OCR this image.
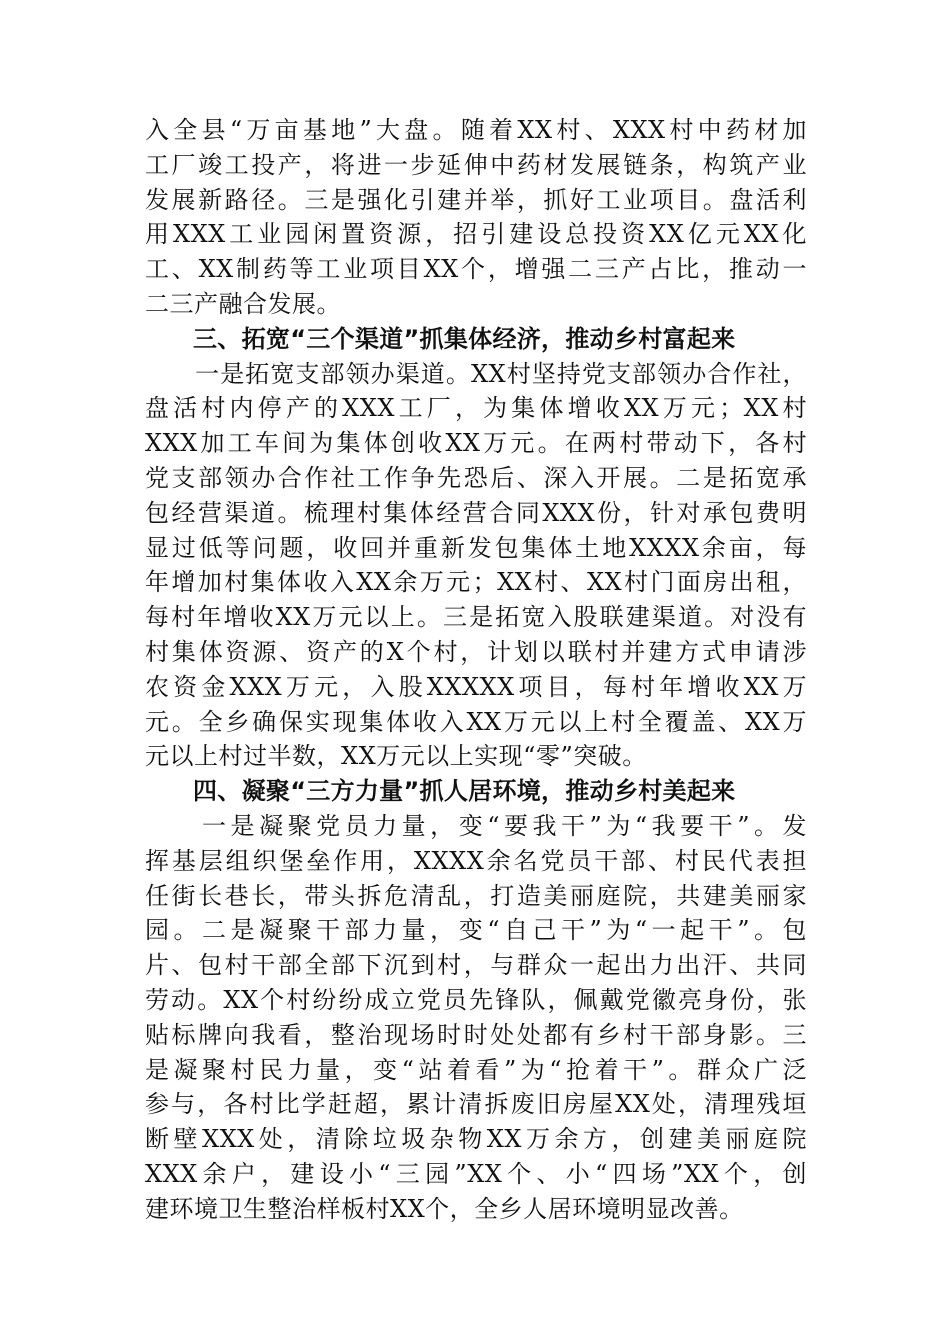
入全县“万亩基地”大盘。随着XX村、XXX村中药材加
工厂竣工投产，将进一步延伸中药材发展链条，构筑产业
发展新路径。三是强化引建并举，抓好工业项目。盘活利
用XXX工业园闲置资源，招引建设总投资XX亿元XX化
工、XX制药等工业项目XX个，增强二三产占比，推动一
二三产融合发展。
三、拓宽“三个渠道”抓集体经济，推动乡村富起来
　　一是拓宽支部领办渠道。XX村坚持党支部领办合作社，
盘活村内停产的XXX工厂，为集体增收XX万元；XX村
XXX加工车间为集体创收XX万元。在两村带动下，各村
党支部领办合作社工作争先恐后、深入开展。二是拓宽承
包经营渠道。梳理村集体经营合同XXX份，针对承包费明
显过低等问题，收回并重新发包集体土地XXXX余亩，每
年增加村集体收入XX余万元；XX村、XX村门面房出租，
每村年增收XX万元以上。三是拓宽入股联建渠道。对没有
村集体资源、资产的X个村，计划以联村并建方式申请涉
农资金XXX万元，入股XXXXX项目，每村年增收XX万
元。全乡确保实现集体收入XX万元以上村全覆盖、XX万
元以上村过半数，XX万元以上实现“零”突破。
四、凝聚“三方力量”抓人居环境，推动乡村美起来
　　一是凝聚党员力量，变“要我干”为“我要干”。发
挥基层组织堡垒作用，XXXX余名党员干部、村民代表担
任街长巷长，带头拆危清乱，打造美丽庭院，共建美丽家
园。二是凝聚干部力量，变“自己干”为“一起干”。包
片、包村干部全部下沉到村，与群众一起出力出汗、共同
劳动。XX个村纷纷成立党员先锋队，佩戴党徽亮身份，张
贴标牌向我看，整治现场时时处处都有乡村干部身影。三
是凝聚村民力量，变“站着看”为“抢着干”。群众广泛
参与，各村比学赶超，累计清拆废旧房屋XX处，清理残垣
断壁XXX处，清除垃圾杂物XX万余方，创建美丽庭院
XXX余户，建设小“三园”XX个、小“四场”XX个，创
建环境卫生整治样板村XX个，全乡人居环境明显改善。
